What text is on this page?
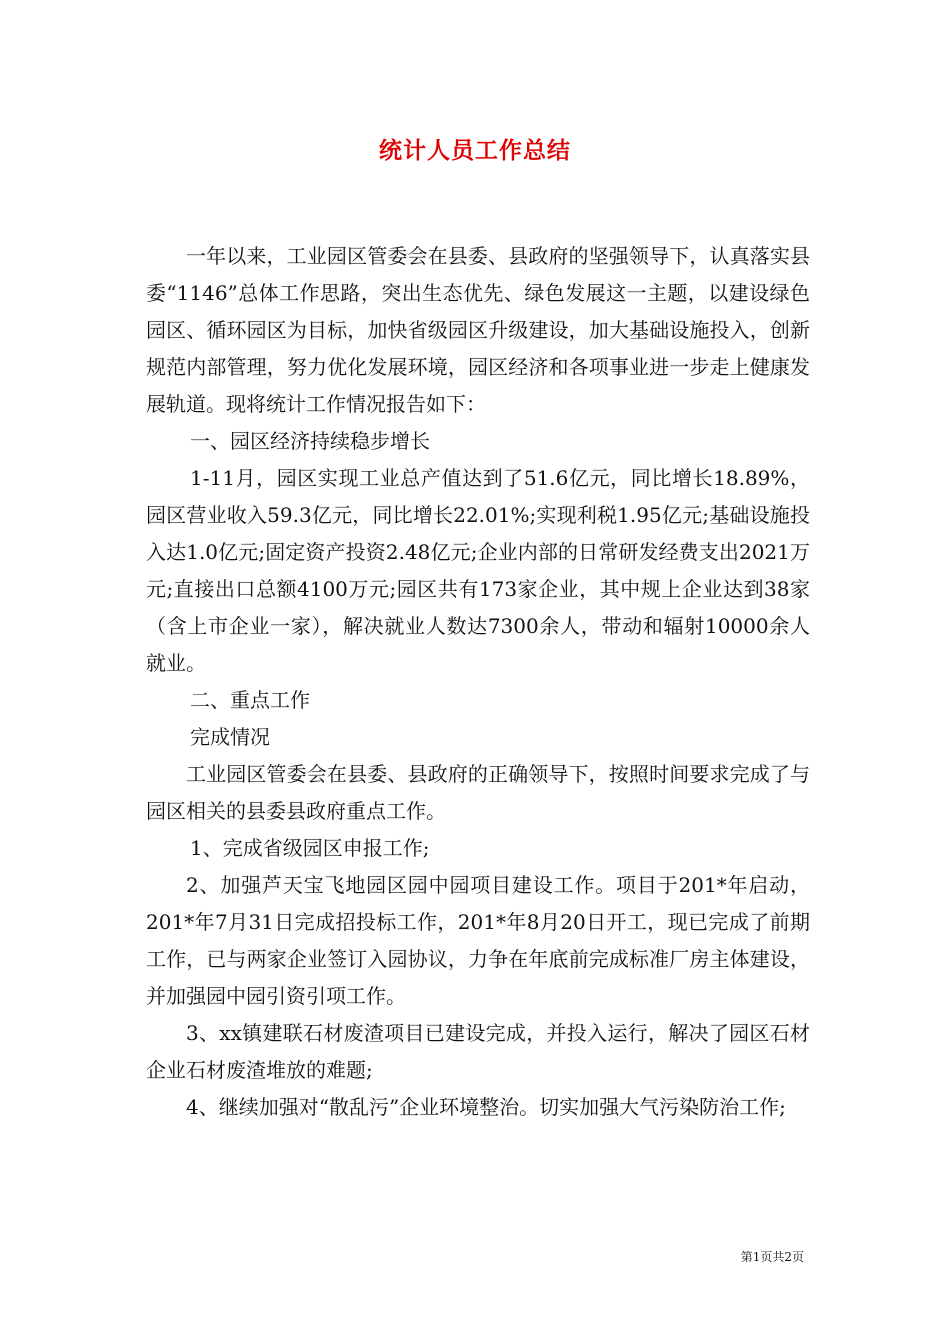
统计人员工作总结

一年以来，工业园区管委会在县委、县政府的坚强领导下，认真落实县委“1146”总体工作思路，突出生态优先、绿色发展这一主题，以建设绿色园区、循环园区为目标，加快省级园区升级建设，加大基础设施投入，创新规范内部管理，努力优化发展环境，园区经济和各项事业进一步走上健康发展轨道。现将统计工作情况报告如下：

一、园区经济持续稳步增长

1-11月，园区实现工业总产值达到了51.6亿元，同比增长18.89%，园区营业收入59.3亿元，同比增长22.01%;实现利税1.95亿元;基础设施投入达1.0亿元;固定资产投资2.48亿元;企业内部的日常研发经费支出2021万元;直接出口总额4100万元;园区共有173家企业，其中规上企业达到38家（含上市企业一家），解决就业人数达7300余人，带动和辐射10000余人就业。

二、重点工作

完成情况

工业园区管委会在县委、县政府的正确领导下，按照时间要求完成了与园区相关的县委县政府重点工作。

1、完成省级园区申报工作;

2、加强芦天宝飞地园区园中园项目建设工作。项目于201*年启动，201*年7月31日完成招投标工作，201*年8月20日开工，现已完成了前期工作，已与两家企业签订入园协议，力争在年底前完成标准厂房主体建设，并加强园中园引资引项工作。

3、xx镇建联石材废渣项目已建设完成，并投入运行，解决了园区石材企业石材废渣堆放的难题;

4、继续加强对“散乱污”企业环境整治。切实加强大气污染防治工作;

第1页共2页
